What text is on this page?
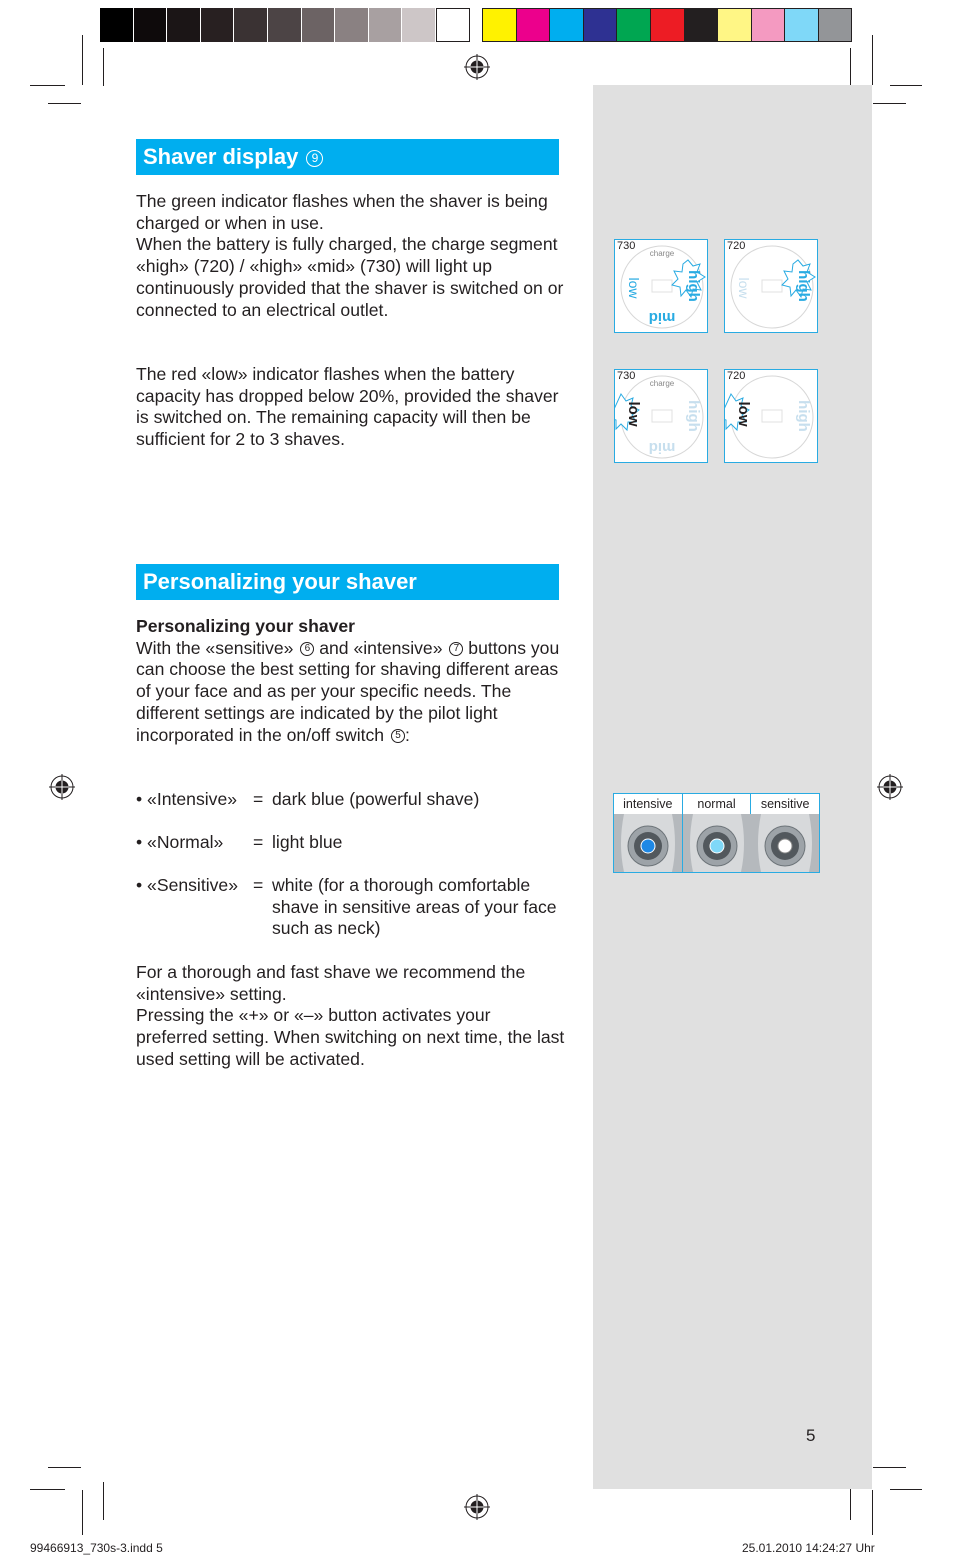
Shaver display 9
The green indicator flashes when the shaver is being charged or when in use.
When the battery is fully charged, the charge segment «high» (720) / «high» «mid» (730) will light up continuously provided that the shaver is switched on or connected to an electrical outlet.
The red «low» indicator flashes when the battery capacity has dropped below 20%, provided the shaver is switched on. The remaining capacity will then be sufficient for 2 to 3 shaves.
charge
low	high
mid
730
low	high
720
charge
low	high
mid
730
low	high
720
Personalizing your shaver
Personalizing your shaver
With the «sensitive» 6 and «intensive» 7 buttons you can choose the best setting for shaving different areas of your face and as per your specific needs. The different settings are indicated by the pilot light incorporated in the on/off switch 5 :
• «Intensive» = dark blue (powerful shave)
• «Normal» = light blue
• «Sensitive» = white (for a thorough comfortable shave in sensitive areas of your face such as neck)
For a thorough and fast shave we recommend the «intensive» setting.
Pressing the «+» or «–» button activates your preferred setting. When switching on next time, the last used setting will be activated.
intensive	normal	sensitive
5
99466913_730s-3.indd 5	25.01.2010 14:24:27 Uhr
